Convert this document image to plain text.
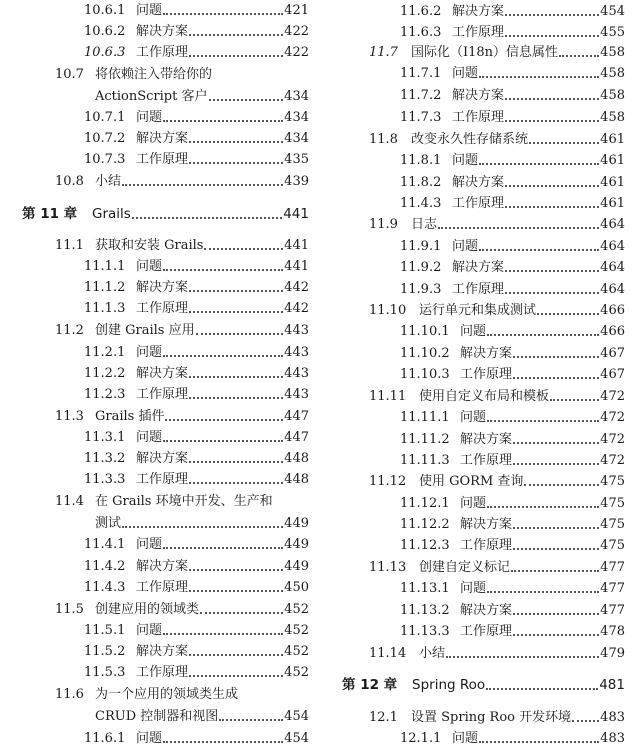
10.6.1 问题	421
10.6.2 解决方案	422
10.6.3 工作原理	422
10.7 将依赖注入带给你的
ActionScript 客户	434
10.7.1 问题	434
10.7.2 解决方案	434
10.7.3 工作原理	435
10.8 小结	439
第 11 章	Grails	441
11.1 获取和安装 Grails	441
11.1.1 问题	441
11.1.2 解决方案	442
11.1.3 工作原理	442
11.2 创建 Grails 应用	443
11.2.1 问题	443
11.2.2 解决方案	443
11.2.3 工作原理	443
11.3 Grails 插件	447
11.3.1 问题	447
11.3.2 解决方案	448
11.3.3 工作原理	448
11.4 在 Grails 环境中开发、生产和
测试	449
11.4.1 问题	449
11.4.2 解决方案	449
11.4.3 工作原理	450
11.5 创建应用的领域类	452
11.5.1 问题	452
11.5.2 解决方案	452
11.5.3 工作原理	452
11.6 为一个应用的领域类生成
CRUD 控制器和视图	454
11.6.1 问题	454
11.6.2 解决方案	454
11.6.3 工作原理	455
11.7	国际化（I18n）信息属性	458
11.7.1 问题	458
11.7.2 解决方案	458
11.7.3 工作原理	458
11.8	改变永久性存储系统	461
11.8.1 问题	461
11.8.2 解决方案	461
11.4.3 工作原理	461
11.9	日志	464
11.9.1 问题	464
11.9.2 解决方案	464
11.9.3 工作原理	464
11.10 运行单元和集成测试	466
11.10.1 问题	466
11.10.2 解决方案	467
11.10.3 工作原理	467
11.11 使用自定义布局和模板	472
11.11.1 问题	472
11.11.2 解决方案	472
11.11.3 工作原理	472
11.12 使用 GORM 查询	475
11.12.1 问题	475
11.12.2 解决方案	475
11.12.3 工作原理	475
11.13 创建自定义标记	477
11.13.1 问题	477
11.13.2 解决方案	477
11.13.3 工作原理	478
11.14 小结	479
第 12 章	Spring Roo	481
12.1	设置 Spring Roo 开发环境 483
12.1.1 问题	483
